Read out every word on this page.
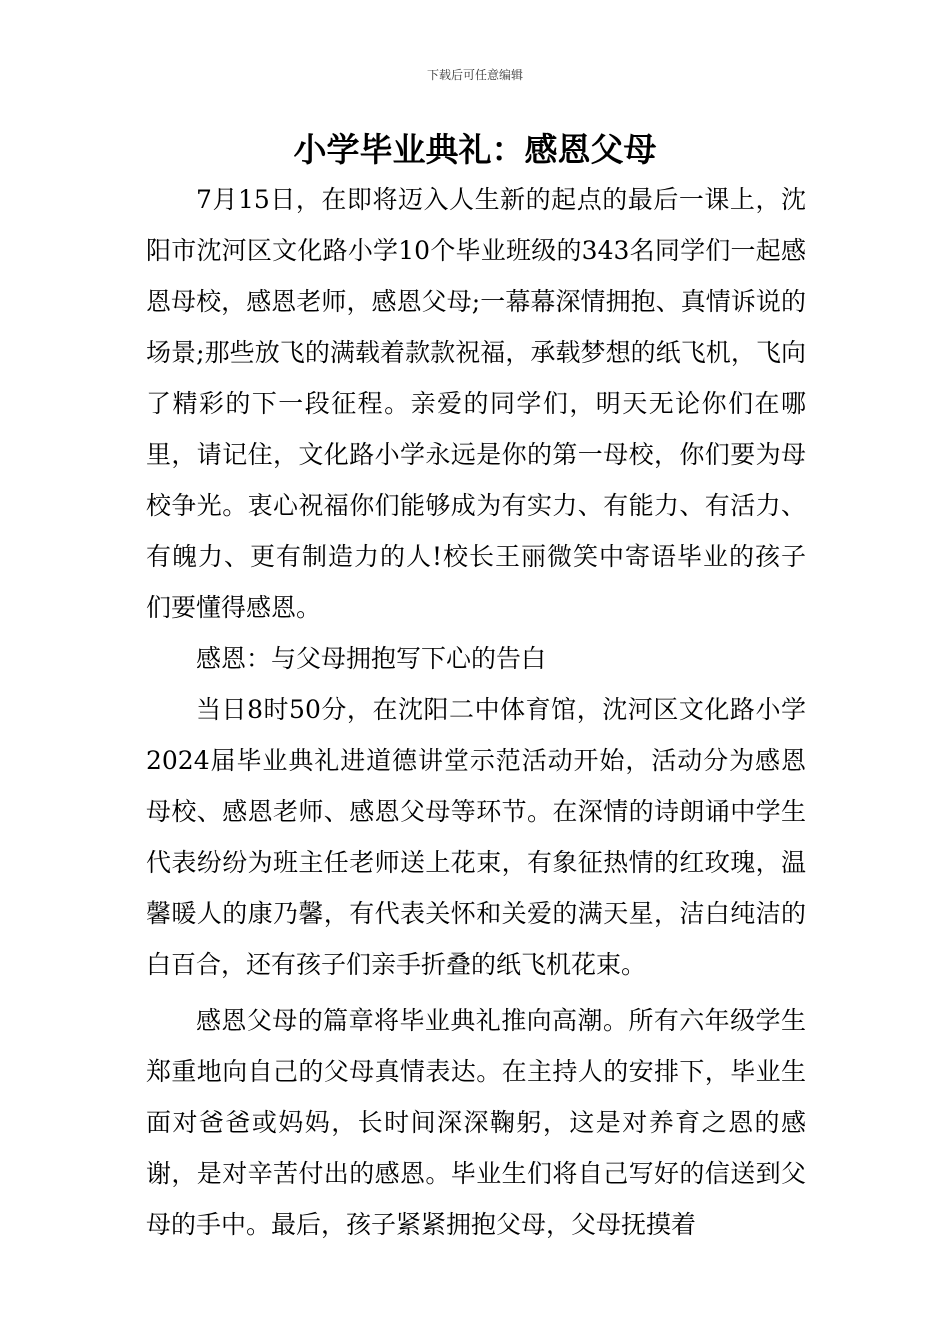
下载后可任意编辑
小学毕业典礼：感恩父母

7月15日，在即将迈入人生新的起点的最后一课上，沈阳市沈河区文化路小学10个毕业班级的343名同学们一起感恩母校，感恩老师，感恩父母;一幕幕深情拥抱、真情诉说的场景;那些放飞的满载着款款祝福，承载梦想的纸飞机，飞向了精彩的下一段征程。亲爱的同学们，明天无论你们在哪里，请记住，文化路小学永远是你的第一母校，你们要为母校争光。衷心祝福你们能够成为有实力、有能力、有活力、有魄力、更有制造力的人!校长王丽微笑中寄语毕业的孩子们要懂得感恩。

感恩：与父母拥抱写下心的告白

当日8时50分，在沈阳二中体育馆，沈河区文化路小学2024届毕业典礼进道德讲堂示范活动开始，活动分为感恩母校、感恩老师、感恩父母等环节。在深情的诗朗诵中学生代表纷纷为班主任老师送上花束，有象征热情的红玫瑰，温馨暖人的康乃馨，有代表关怀和关爱的满天星，洁白纯洁的白百合，还有孩子们亲手折叠的纸飞机花束。

感恩父母的篇章将毕业典礼推向高潮。所有六年级学生郑重地向自己的父母真情表达。在主持人的安排下，毕业生面对爸爸或妈妈，长时间深深鞠躬，这是对养育之恩的感谢，是对辛苦付出的感恩。毕业生们将自己写好的信送到父母的手中。最后，孩子紧紧拥抱父母，父母抚摸着
